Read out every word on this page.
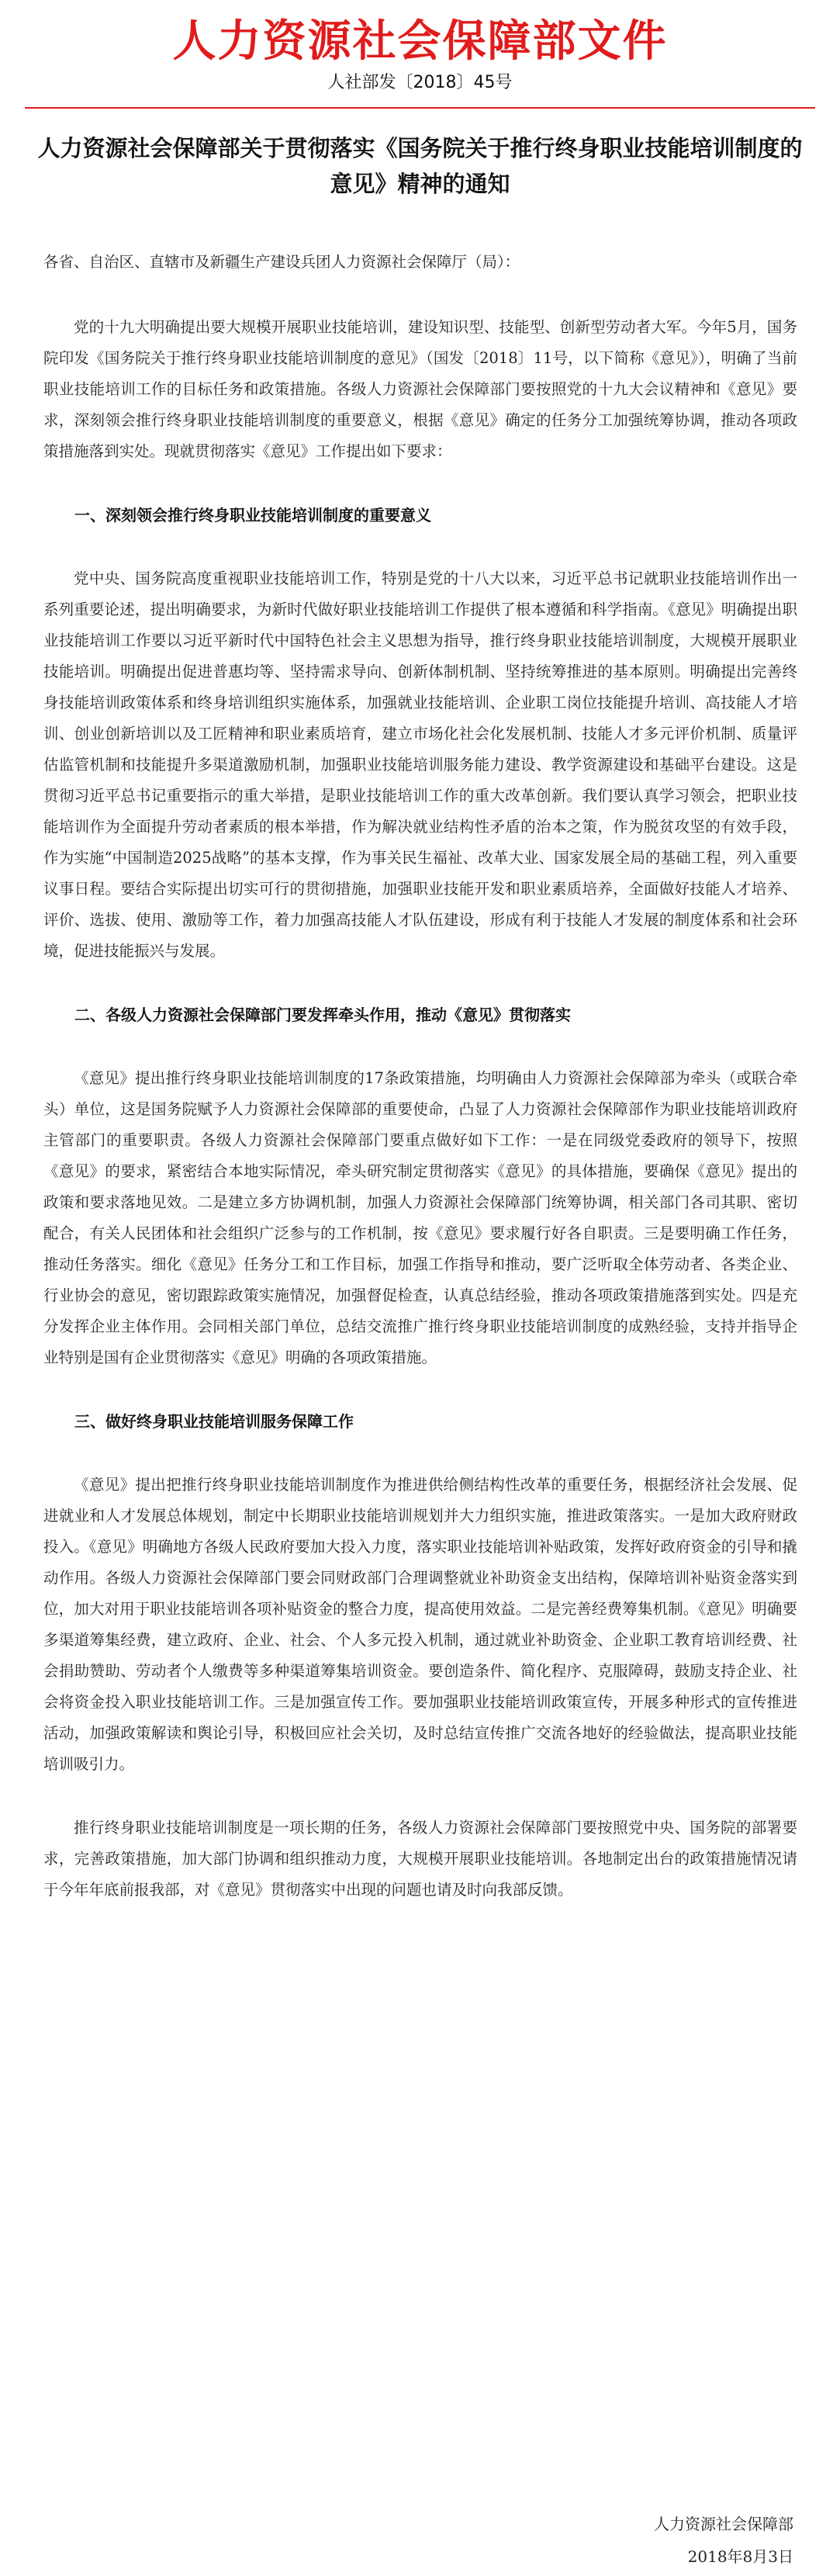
人力资源社会保障部文件
人社部发〔2018〕45号
人力资源社会保障部关于贯彻落实《国务院关于推行终身职业技能培训制度的意见》精神的通知

各省、自治区、直辖市及新疆生产建设兵团人力资源社会保障厅（局）：

党的十九大明确提出要大规模开展职业技能培训，建设知识型、技能型、创新型劳动者大军。今年5月，国务院印发《国务院关于推行终身职业技能培训制度的意见》（国发〔2018〕11号，以下简称《意见》），明确了当前职业技能培训工作的目标任务和政策措施。各级人力资源社会保障部门要按照党的十九大会议精神和《意见》要求，深刻领会推行终身职业技能培训制度的重要意义，根据《意见》确定的任务分工加强统筹协调，推动各项政策措施落到实处。现就贯彻落实《意见》工作提出如下要求：

一、深刻领会推行终身职业技能培训制度的重要意义

党中央、国务院高度重视职业技能培训工作，特别是党的十八大以来，习近平总书记就职业技能培训作出一系列重要论述，提出明确要求，为新时代做好职业技能培训工作提供了根本遵循和科学指南。《意见》明确提出职业技能培训工作要以习近平新时代中国特色社会主义思想为指导，推行终身职业技能培训制度，大规模开展职业技能培训。明确提出促进普惠均等、坚持需求导向、创新体制机制、坚持统筹推进的基本原则。明确提出完善终身技能培训政策体系和终身培训组织实施体系，加强就业技能培训、企业职工岗位技能提升培训、高技能人才培训、创业创新培训以及工匠精神和职业素质培育，建立市场化社会化发展机制、技能人才多元评价机制、质量评估监管机制和技能提升多渠道激励机制，加强职业技能培训服务能力建设、教学资源建设和基础平台建设。这是贯彻习近平总书记重要指示的重大举措，是职业技能培训工作的重大改革创新。我们要认真学习领会，把职业技能培训作为全面提升劳动者素质的根本举措，作为解决就业结构性矛盾的治本之策，作为脱贫攻坚的有效手段，作为实施“中国制造2025战略”的基本支撑，作为事关民生福祉、改革大业、国家发展全局的基础工程，列入重要议事日程。要结合实际提出切实可行的贯彻措施，加强职业技能开发和职业素质培养，全面做好技能人才培养、评价、选拔、使用、激励等工作，着力加强高技能人才队伍建设，形成有利于技能人才发展的制度体系和社会环境，促进技能振兴与发展。

二、各级人力资源社会保障部门要发挥牵头作用，推动《意见》贯彻落实

《意见》提出推行终身职业技能培训制度的17条政策措施，均明确由人力资源社会保障部为牵头（或联合牵头）单位，这是国务院赋予人力资源社会保障部的重要使命，凸显了人力资源社会保障部作为职业技能培训政府主管部门的重要职责。各级人力资源社会保障部门要重点做好如下工作：一是在同级党委政府的领导下，按照《意见》的要求，紧密结合本地实际情况，牵头研究制定贯彻落实《意见》的具体措施，要确保《意见》提出的政策和要求落地见效。二是建立多方协调机制，加强人力资源社会保障部门统筹协调，相关部门各司其职、密切配合，有关人民团体和社会组织广泛参与的工作机制，按《意见》要求履行好各自职责。三是要明确工作任务，推动任务落实。细化《意见》任务分工和工作目标，加强工作指导和推动，要广泛听取全体劳动者、各类企业、行业协会的意见，密切跟踪政策实施情况，加强督促检查，认真总结经验，推动各项政策措施落到实处。四是充分发挥企业主体作用。会同相关部门单位，总结交流推广推行终身职业技能培训制度的成熟经验，支持并指导企业特别是国有企业贯彻落实《意见》明确的各项政策措施。

三、做好终身职业技能培训服务保障工作

《意见》提出把推行终身职业技能培训制度作为推进供给侧结构性改革的重要任务，根据经济社会发展、促进就业和人才发展总体规划，制定中长期职业技能培训规划并大力组织实施，推进政策落实。一是加大政府财政投入。《意见》明确地方各级人民政府要加大投入力度，落实职业技能培训补贴政策，发挥好政府资金的引导和撬动作用。各级人力资源社会保障部门要会同财政部门合理调整就业补助资金支出结构，保障培训补贴资金落实到位，加大对用于职业技能培训各项补贴资金的整合力度，提高使用效益。二是完善经费筹集机制。《意见》明确要多渠道筹集经费，建立政府、企业、社会、个人多元投入机制，通过就业补助资金、企业职工教育培训经费、社会捐助赞助、劳动者个人缴费等多种渠道筹集培训资金。要创造条件、简化程序、克服障碍，鼓励支持企业、社会将资金投入职业技能培训工作。三是加强宣传工作。要加强职业技能培训政策宣传，开展多种形式的宣传推进活动，加强政策解读和舆论引导，积极回应社会关切，及时总结宣传推广交流各地好的经验做法，提高职业技能培训吸引力。

推行终身职业技能培训制度是一项长期的任务，各级人力资源社会保障部门要按照党中央、国务院的部署要求，完善政策措施，加大部门协调和组织推动力度，大规模开展职业技能培训。各地制定出台的政策措施情况请于今年年底前报我部，对《意见》贯彻落实中出现的问题也请及时向我部反馈。

人力资源社会保障部
2018年8月3日
